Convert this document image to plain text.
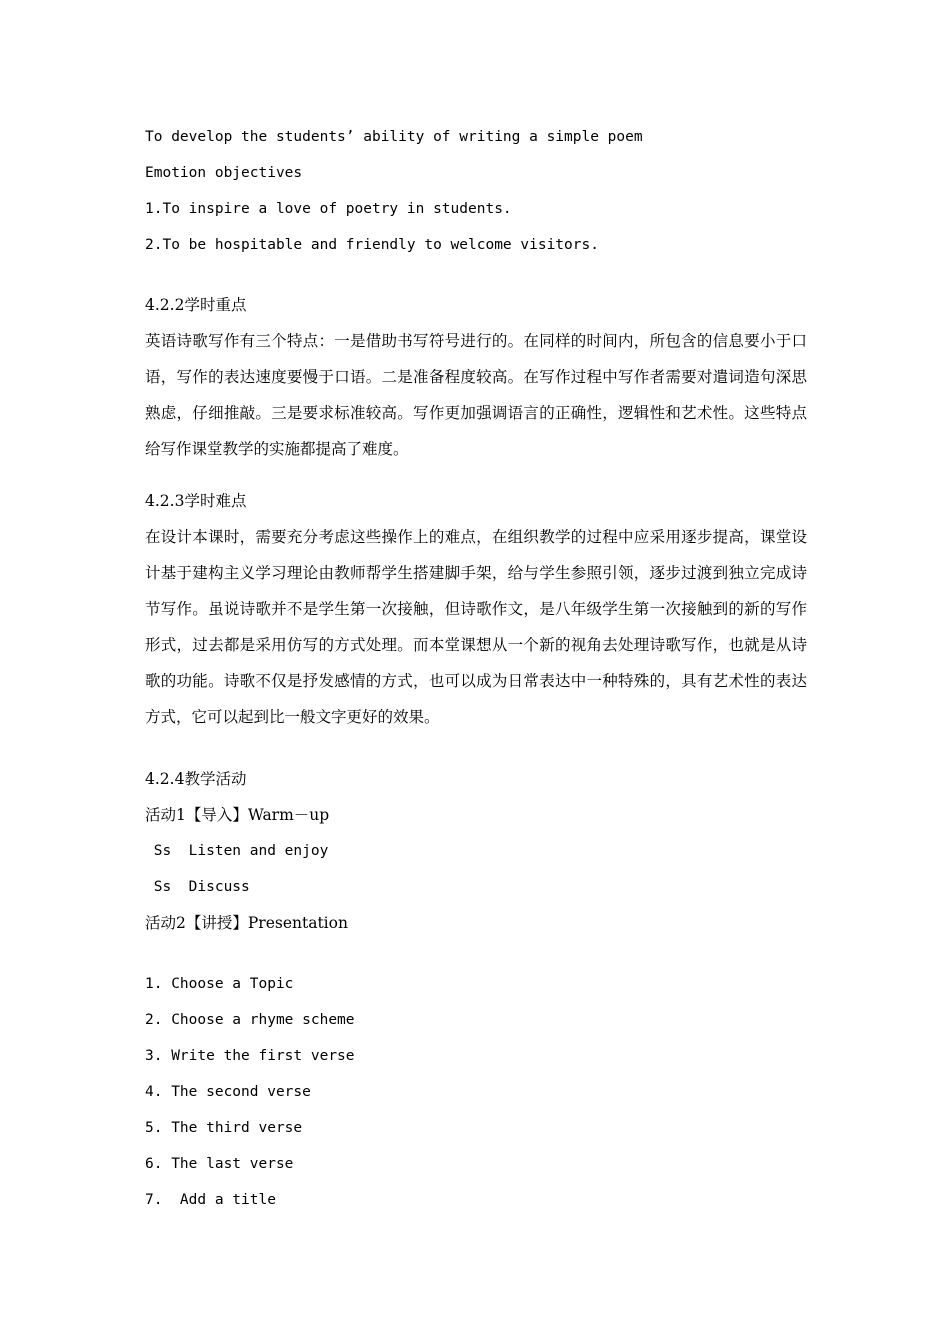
To develop the students’ ability of writing a simple poem
Emotion objectives
1.To inspire a love of poetry in students.
2.To be hospitable and friendly to welcome visitors.
4.2.2学时重点

英语诗歌写作有三个特点：一是借助书写符号进行的。在同样的时间内，所包含的信息要小于口语，写作的表达速度要慢于口语。二是准备程度较高。在写作过程中写作者需要对遣词造句深思熟虑，仔细推敲。三是要求标准较高。写作更加强调语言的正确性，逻辑性和艺术性。这些特点给写作课堂教学的实施都提高了难度。

4.2.3学时难点

在设计本课时，需要充分考虑这些操作上的难点，在组织教学的过程中应采用逐步提高，课堂设计基于建构主义学习理论由教师帮学生搭建脚手架，给与学生参照引领，逐步过渡到独立完成诗节写作。虽说诗歌并不是学生第一次接触，但诗歌作文，是八年级学生第一次接触到的新的写作形式，过去都是采用仿写的方式处理。而本堂课想从一个新的视角去处理诗歌写作，也就是从诗歌的功能。诗歌不仅是抒发感情的方式，也可以成为日常表达中一种特殊的，具有艺术性的表达方式，它可以起到比一般文字更好的效果。

4.2.4教学活动
活动1【导入】Warm－up
Ss  Listen and enjoy
Ss  Discuss
活动2【讲授】Presentation
1. Choose a Topic
2. Choose a rhyme scheme
3. Write the first verse
4. The second verse
5. The third verse
6. The last verse
7.  Add a title
